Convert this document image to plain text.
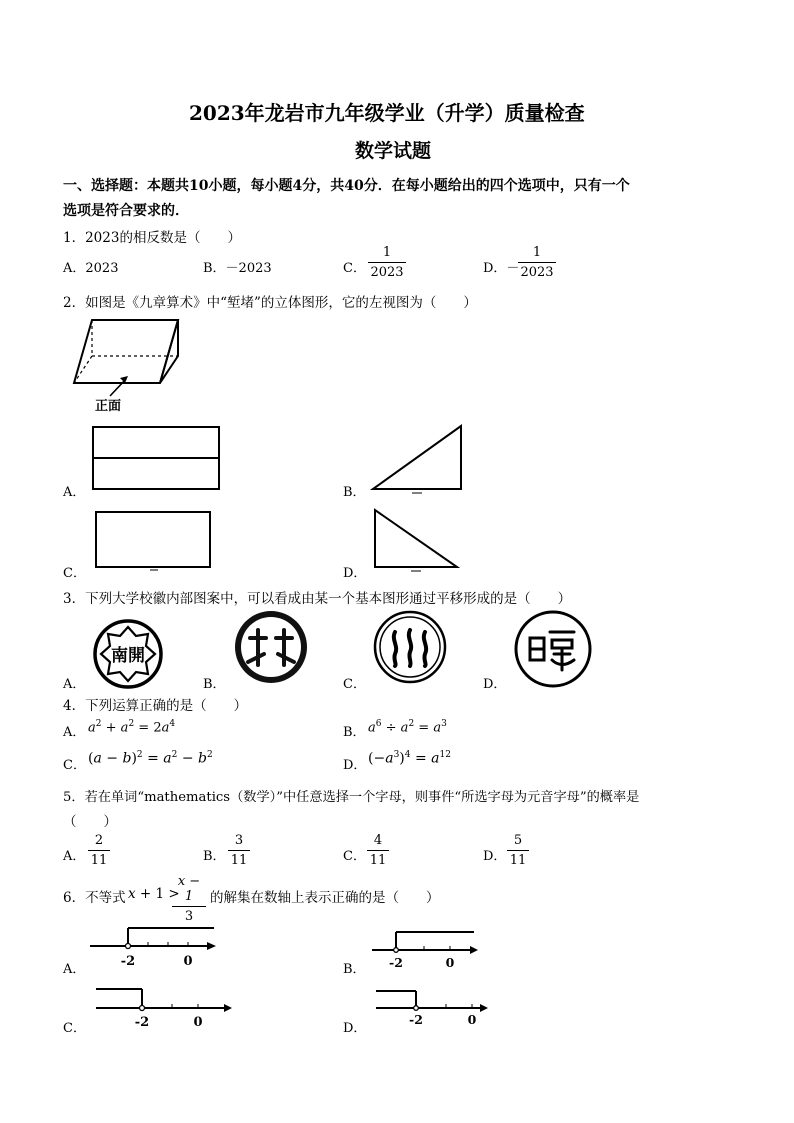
2023年龙岩市九年级学业（升学）质量检查
数学试题
一、选择题：本题共10小题，每小题4分，共40分．在每小题给出的四个选项中，只有一个
选项是符合要求的．
1．2023的相反数是（　　）
A．2023	B．－2023	C．
1
2023	D．－
1
2023
2．如图是《九章算术》中“堑堵”的立体图形，它的左视图为（　　）
正面
A．	B．
C．	D．
3．下列大学校徽内部图案中，可以看成由某一个基本图形通过平移形成的是（　　）
A．
南開
B．	C．	D．
4．下列运算正确的是（　　）
A． $a^2 + a^2 = 2a^4$
B． $a^6 \div a^2 = a^3$
C． $(a - b)^2 = a^2 - b^2$
D． $(-a^3)^4 = a^{12}$
5．若在单词“mathematics（数学）”中任意选择一个字母，则事件“所选字母为元音字母”的概率是
（　　）
A．
2
11	B．
3
11	C．
4
11	D．
5
11
6．不等式 x + 1 >
x − 1
3
的解集在数轴上表示正确的是（　　）
A．
-2	0
B． -2	0
C．	-2	0	D．
-2	0
